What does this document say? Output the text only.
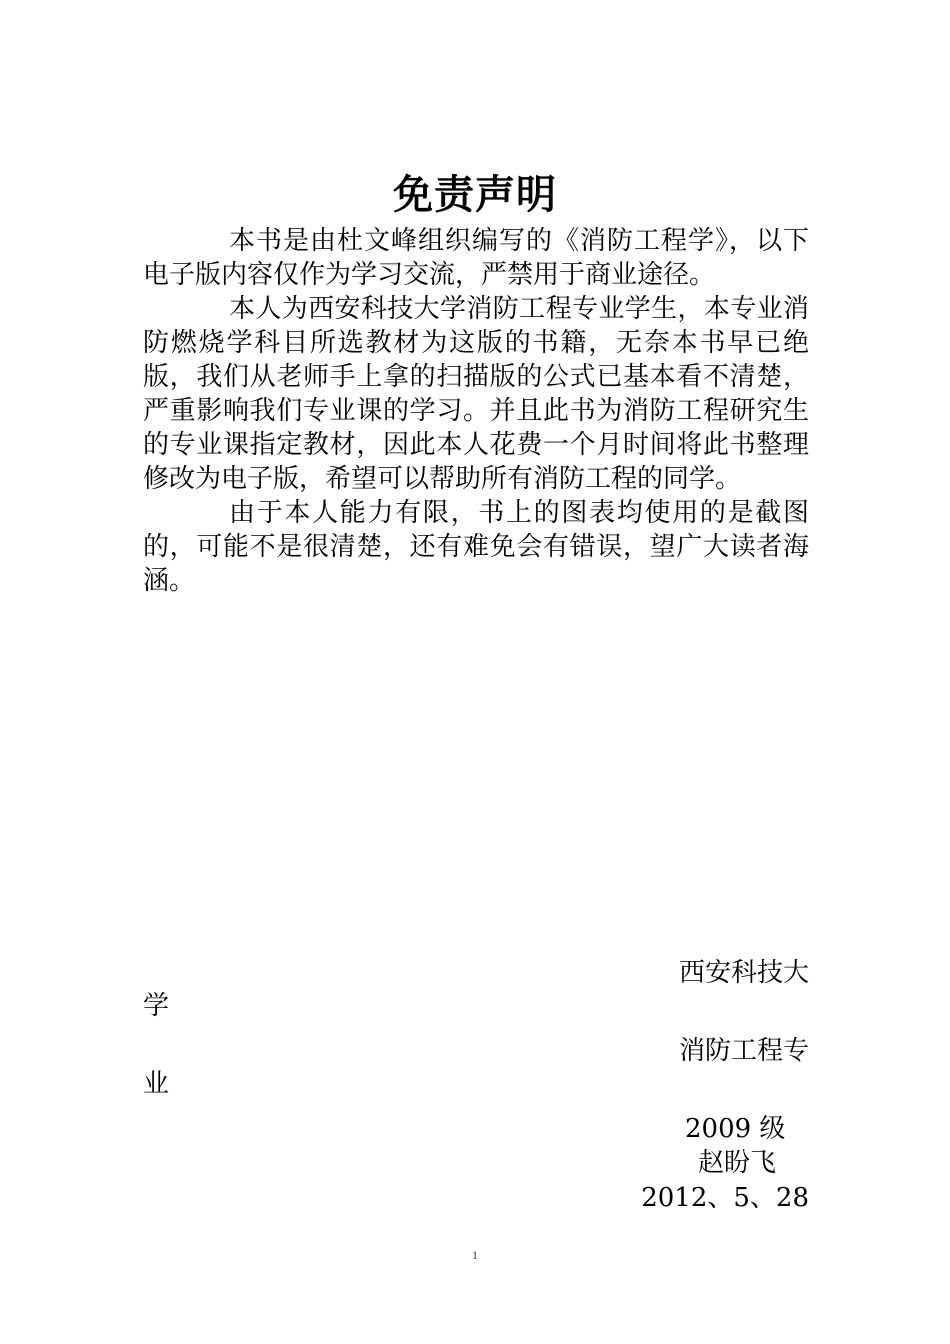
免责声明

本书是由杜文峰组织编写的《消防工程学》，以下电子版内容仅作为学习交流，严禁用于商业途径。

本人为西安科技大学消防工程专业学生，本专业消防燃烧学科目所选教材为这版的书籍，无奈本书早已绝版，我们从老师手上拿的扫描版的公式已基本看不清楚，严重影响我们专业课的学习。并且此书为消防工程研究生的专业课指定教材，因此本人花费一个月时间将此书整理修改为电子版，希望可以帮助所有消防工程的同学。

由于本人能力有限，书上的图表均使用的是截图的，可能不是很清楚，还有难免会有错误，望广大读者海涵。

西安科技大
学
消防工程专
业
2009 级
赵盼飞
2012、5、28
1
